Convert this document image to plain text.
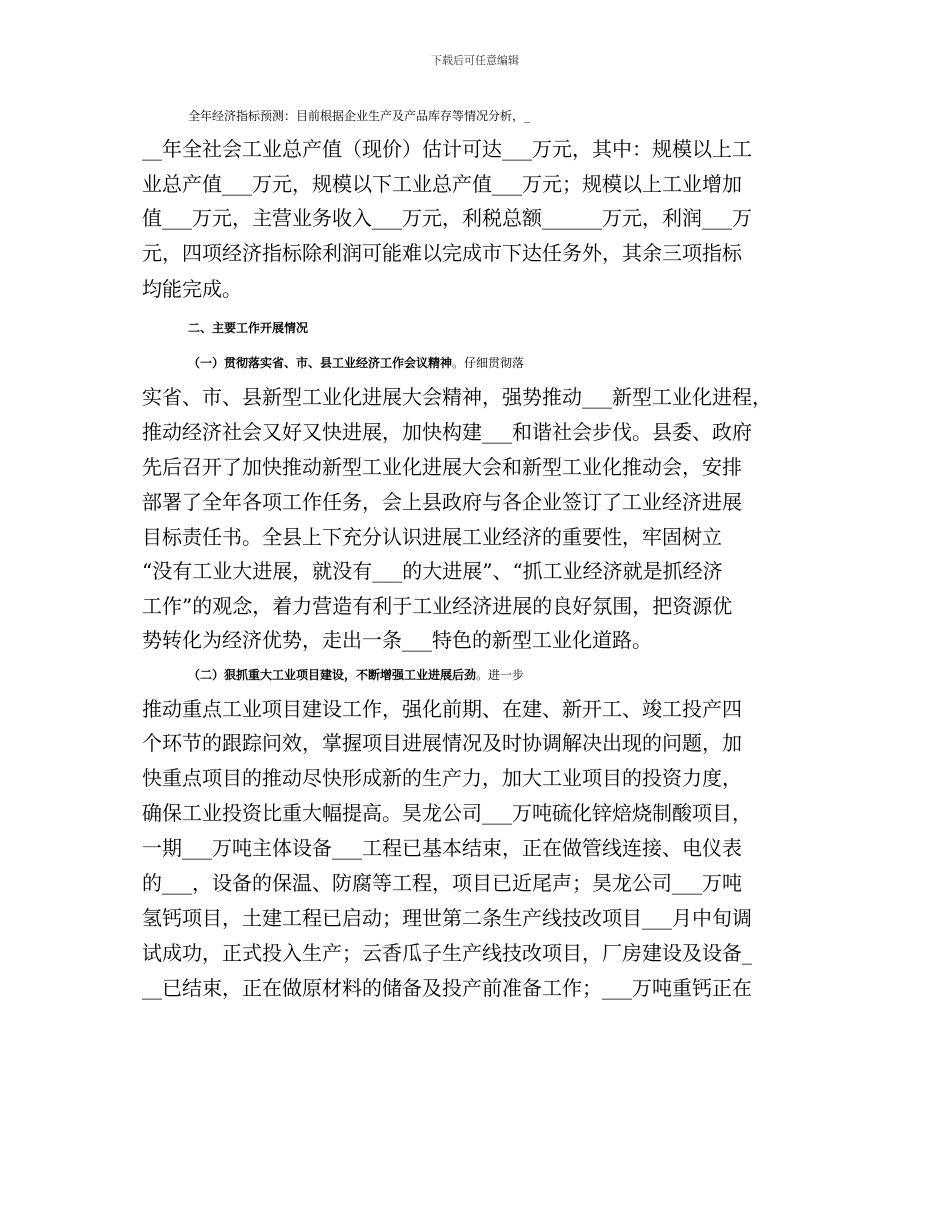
下载后可任意编辑
全年经济指标预测：目前根据企业生产及产品库存等情况分析，_
__年全社会工业总产值（现价）估计可达___万元，其中：规模以上工
业总产值___万元，规模以下工业总产值___万元；规模以上工业增加
值___万元，主营业务收入___万元，利税总额______万元，利润___万
元，四项经济指标除利润可能难以完成市下达任务外，其余三项指标
均能完成。
二、主要工作开展情况
（一）贯彻落实省、市、县工业经济工作会议精神。仔细贯彻落
实省、市、县新型工业化进展大会精神，强势推动___新型工业化进程，
推动经济社会又好又快进展，加快构建___和谐社会步伐。县委、政府
先后召开了加快推动新型工业化进展大会和新型工业化推动会，安排
部署了全年各项工作任务，会上县政府与各企业签订了工业经济进展
目标责任书。全县上下充分认识进展工业经济的重要性，牢固树立
“没有工业大进展，就没有___的大进展”、“抓工业经济就是抓经济
工作”的观念，着力营造有利于工业经济进展的良好氛围，把资源优
势转化为经济优势，走出一条___特色的新型工业化道路。
（二）狠抓重大工业项目建设，不断增强工业进展后劲。进一步
推动重点工业项目建设工作，强化前期、在建、新开工、竣工投产四
个环节的跟踪问效，掌握项目进展情况及时协调解决出现的问题，加
快重点项目的推动尽快形成新的生产力，加大工业项目的投资力度，
确保工业投资比重大幅提高。昊龙公司___万吨硫化锌焙烧制酸项目，
一期___万吨主体设备___工程已基本结束，正在做管线连接、电仪表
的___，设备的保温、防腐等工程，项目已近尾声；昊龙公司___万吨
氢钙项目，土建工程已启动；理世第二条生产线技改项目___月中旬调
试成功，正式投入生产；云香瓜子生产线技改项目，厂房建设及设备_
__已结束，正在做原材料的储备及投产前准备工作；___万吨重钙正在
